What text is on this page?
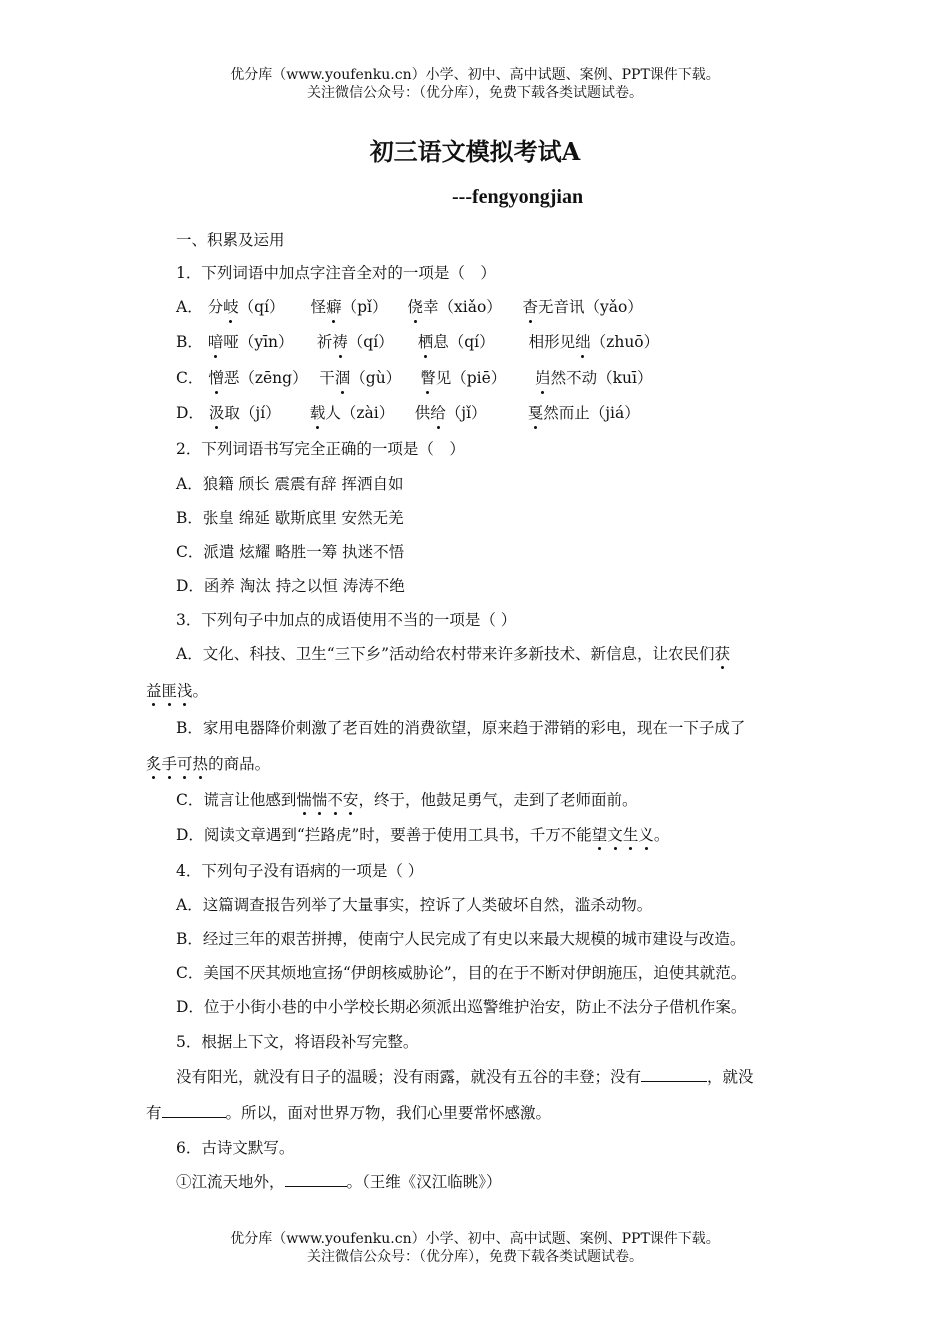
优分库（www.youfenku.cn）小学、初中、高中试题、案例、PPT课件下载。
关注微信公众号：（优分库），免费下载各类试题试卷。
初三语文模拟考试A
---fengyongjian
一、积累及运用
1．下列词语中加点字注音全对的一项是（　）
A． 分岐（qí） 怪癖（pǐ） 侥幸（xiǎo） 杳无音讯（yǎo）
B． 喑哑（yīn） 祈祷（qí） 栖息（qí） 相形见绌（zhuō）
C． 憎恶（zēng） 干涸（gù） 瞥见（piē） 岿然不动（kuī）
D． 汲取（jí） 载人（zài） 供给（jǐ）	戛然而止（jiá）
2．下列词语书写完全正确的一项是（　）
A．狼籍 颀长 震震有辞 挥洒自如
B．张皇 绵延 歇斯底里 安然无羌
C．派遣 炫耀 略胜一筹 执迷不悟
D．函养 淘汰 持之以恒 涛涛不绝
3．下列句子中加点的成语使用不当的一项是（ ）
A．文化、科技、卫生“三下乡”活动给农村带来许多新技术、新信息，让农民们获
益匪浅。
B．家用电器降价刺激了老百姓的消费欲望，原来趋于滞销的彩电，现在一下子成了
炙手可热的商品。
C．谎言让他感到惴惴不安，终于，他鼓足勇气，走到了老师面前。
D．阅读文章遇到“拦路虎”时，要善于使用工具书，千万不能望文生义。
4．下列句子没有语病的一项是（ ）
A．这篇调查报告列举了大量事实，控诉了人类破坏自然，滥杀动物。
B．经过三年的艰苦拼搏，使南宁人民完成了有史以来最大规模的城市建设与改造。
C．美国不厌其烦地宣扬“伊朗核威胁论”，目的在于不断对伊朗施压，迫使其就范。
D．位于小街小巷的中小学校长期必须派出巡警维护治安，防止不法分子借机作案。
5．根据上下文，将语段补写完整。
没有阳光，就没有日子的温暖；没有雨露，就没有五谷的丰登；没有	，就没
有	。所以，面对世界万物，我们心里要常怀感激。
6．古诗文默写。
①江流天地外，	。（王维《汉江临眺》）
优分库（www.youfenku.cn）小学、初中、高中试题、案例、PPT课件下载。
关注微信公众号：（优分库），免费下载各类试题试卷。
